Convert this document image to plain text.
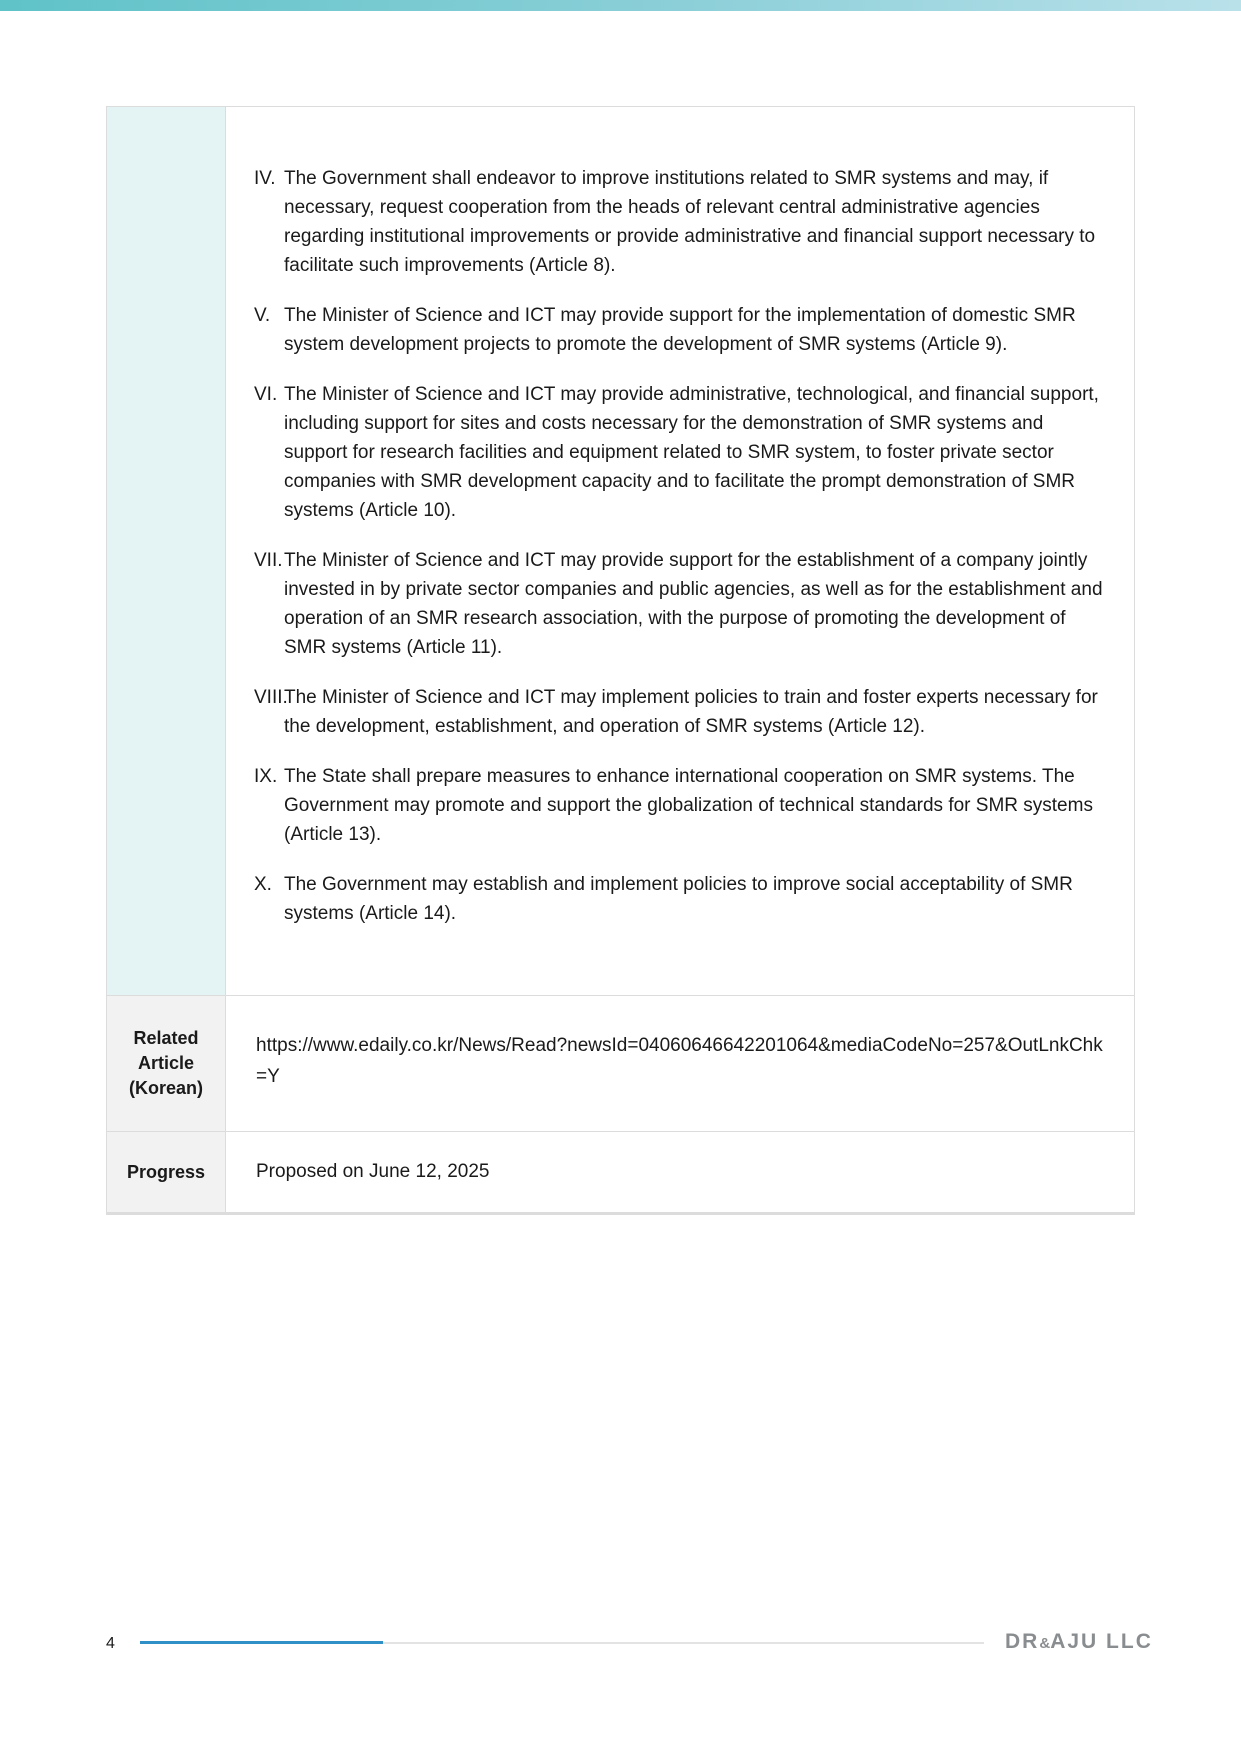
IV. The Government shall endeavor to improve institutions related to SMR systems and may, if necessary, request cooperation from the heads of relevant central administrative agencies regarding institutional improvements or provide administrative and financial support necessary to facilitate such improvements (Article 8).
V. The Minister of Science and ICT may provide support for the implementation of domestic SMR system development projects to promote the development of SMR systems (Article 9).
VI. The Minister of Science and ICT may provide administrative, technological, and financial support, including support for sites and costs necessary for the demonstration of SMR systems and support for research facilities and equipment related to SMR system, to foster private sector companies with SMR development capacity and to facilitate the prompt demonstration of SMR systems (Article 10).
VII. The Minister of Science and ICT may provide support for the establishment of a company jointly invested in by private sector companies and public agencies, as well as for the establishment and operation of an SMR research association, with the purpose of promoting the development of SMR systems (Article 11).
VIII.
The Minister of Science and ICT may implement policies to train and foster experts necessary for the development, establishment, and operation of SMR systems (Article 12).
IX. The State shall prepare measures to enhance international cooperation on SMR systems. The Government may promote and support the globalization of technical standards for SMR systems (Article 13).
X. The Government may establish and implement policies to improve social acceptability of SMR systems (Article 14).
Related
Article
(Korean)
https://www.edaily.co.kr/News/Read?newsId=04060646642201064&mediaCodeNo=257&OutLnkChk=Y
Progress	Proposed on June 12, 2025
4	DR&AJU LLC
